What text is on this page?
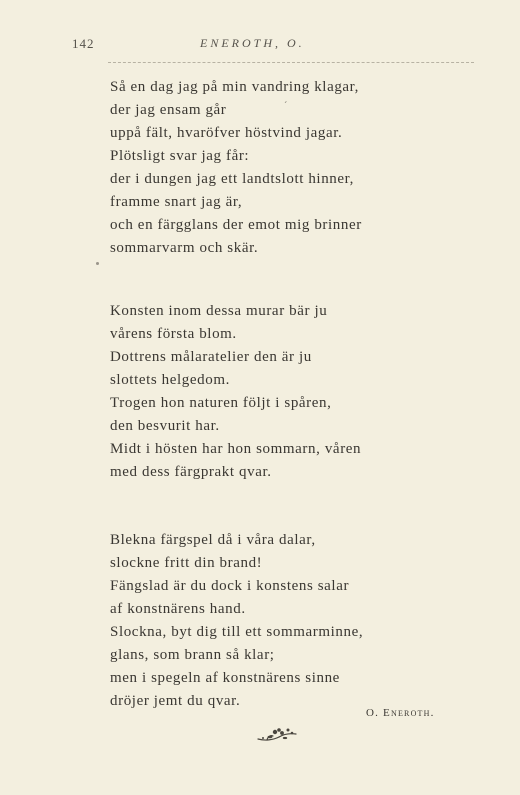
142	ENEROTH, O.
ˊ
Så en dag jag på min vandring klagar,
der jag ensam går
uppå fält, hvaröfver höstvind jagar.
Plötsligt svar jag får:
der i dungen jag ett landtslott hinner,
framme snart jag är,
och en färgglans der emot mig brinner
sommarvarm och skär.
Konsten inom dessa murar bär ju
vårens första blom.
Dottrens målaratelier den är ju
slottets helgedom.
Trogen hon naturen följt i spåren,
den besvurit har.
Midt i hösten har hon sommarn, våren
med dess färgprakt qvar.
Blekna färgspel då i våra dalar,
slockne fritt din brand!
Fängslad är du dock i konstens salar
af konstnärens hand.
Slockna, byt dig till ett sommarminne,
glans, som brann så klar;
men i spegeln af konstnärens sinne
dröjer jemt du qvar.
O. Eneroth.
